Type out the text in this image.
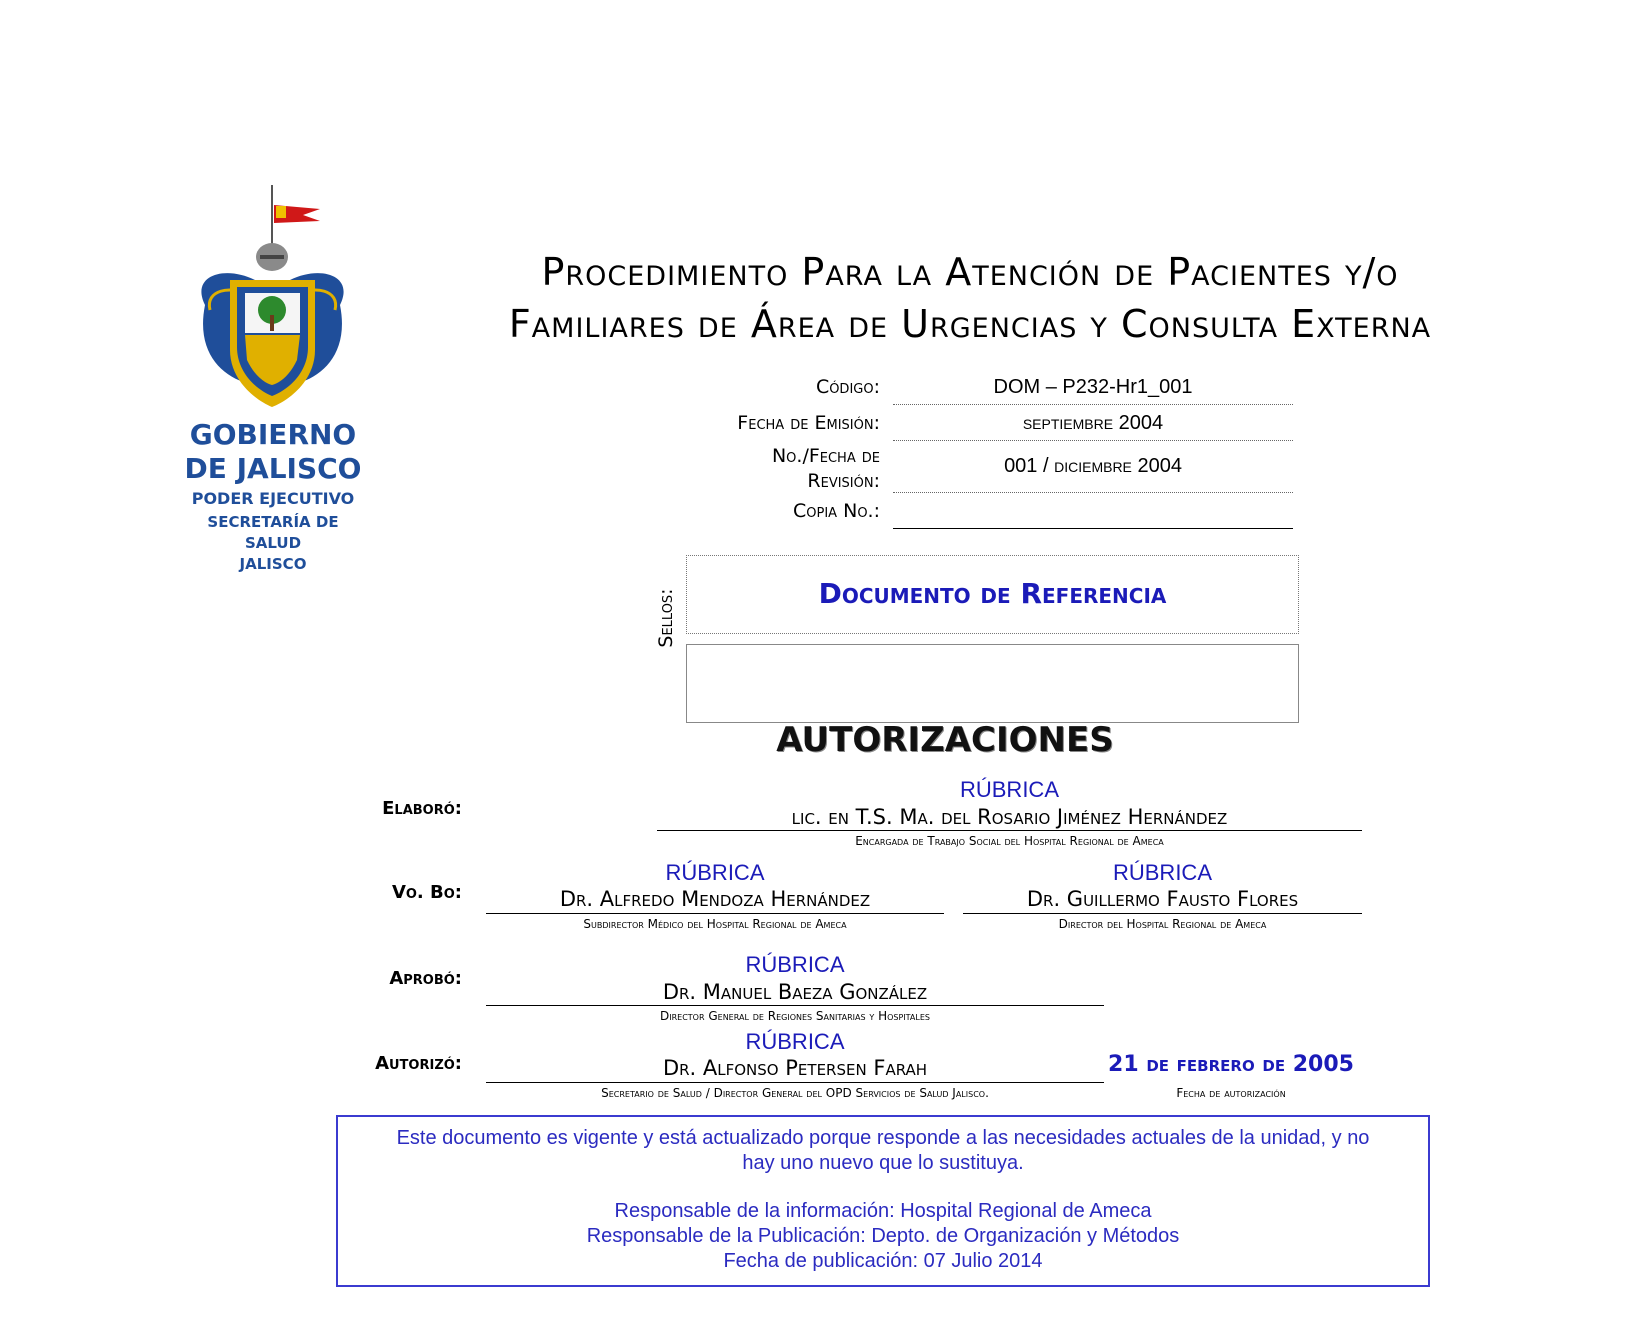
GOBIERNO
DE JALISCO
PODER EJECUTIVO
SECRETARÍA DE
SALUD
JALISCO
Procedimiento Para la Atención de Pacientes y/o
Familiares de Área de Urgencias y Consulta Externa
Código:	DOM – P232-Hr1_001
Fecha de Emisión:	septiembre 2004
No./Fecha de
Revisión:
001 / diciembre 2004
Copia No.:
Sellos:	Documento de Referencia
AUTORIZACIONES
Elaboró:
RÚBRICA
lic. en T.S. Ma. del Rosario Jiménez Hernández
Encargada de Trabajo Social del Hospital Regional de Ameca
Vo. Bo:
RÚBRICA
Dr. Alfredo Mendoza Hernández
Subdirector Médico del Hospital Regional de Ameca
RÚBRICA
Dr. Guillermo Fausto Flores
Director del Hospital Regional de Ameca
Aprobó:
RÚBRICA
Dr. Manuel Baeza González
Director General de Regiones Sanitarias y Hospitales
Autorizó:
RÚBRICA
Dr. Alfonso Petersen Farah
Secretario de Salud / Director General del OPD Servicios de Salud Jalisco.
21 de febrero de 2005
Fecha de autorización

Este documento es vigente y está actualizado porque responde a las necesidades actuales de la unidad, y no

hay uno nuevo que lo sustituya.

Responsable de la información: Hospital Regional de Ameca

Responsable de la Publicación: Depto. de Organización y Métodos

Fecha de publicación: 07 Julio 2014
